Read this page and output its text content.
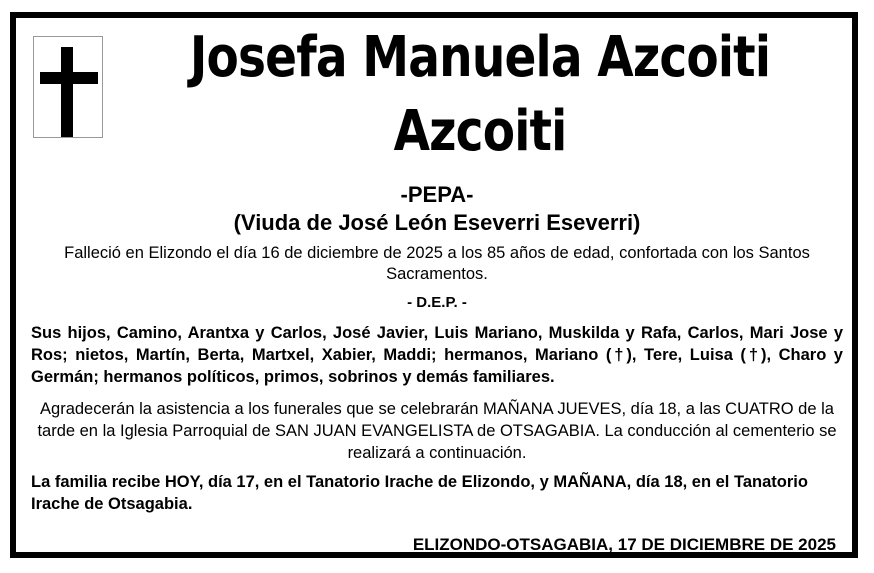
Josefa Manuela Azcoiti
Azcoiti
-PEPA-
(Viuda de José León Eseverri Eseverri)
Falleció en Elizondo el día 16 de diciembre de 2025 a los 85 años de edad, confortada con los Santos Sacramentos.
- D.E.P. -
Sus hijos, Camino, Arantxa y Carlos, José Javier, Luis Mariano, Muskilda y Rafa, Carlos, Mari Jose y Ros; nietos, Martín, Berta, Martxel, Xabier, Maddi; hermanos, Mariano (†), Tere, Luisa (†), Charo y Germán; hermanos políticos, primos, sobrinos y demás familiares.
Agradecerán la asistencia a los funerales que se celebrarán MAÑANA JUEVES, día 18, a las CUATRO de la tarde en la Iglesia Parroquial de SAN JUAN EVANGELISTA de OTSAGABIA. La conducción al cementerio se realizará a continuación.
La familia recibe HOY, día 17, en el Tanatorio Irache de Elizondo, y MAÑANA, día 18, en el Tanatorio Irache de Otsagabia.
ELIZONDO-OTSAGABIA, 17 DE DICIEMBRE DE 2025
